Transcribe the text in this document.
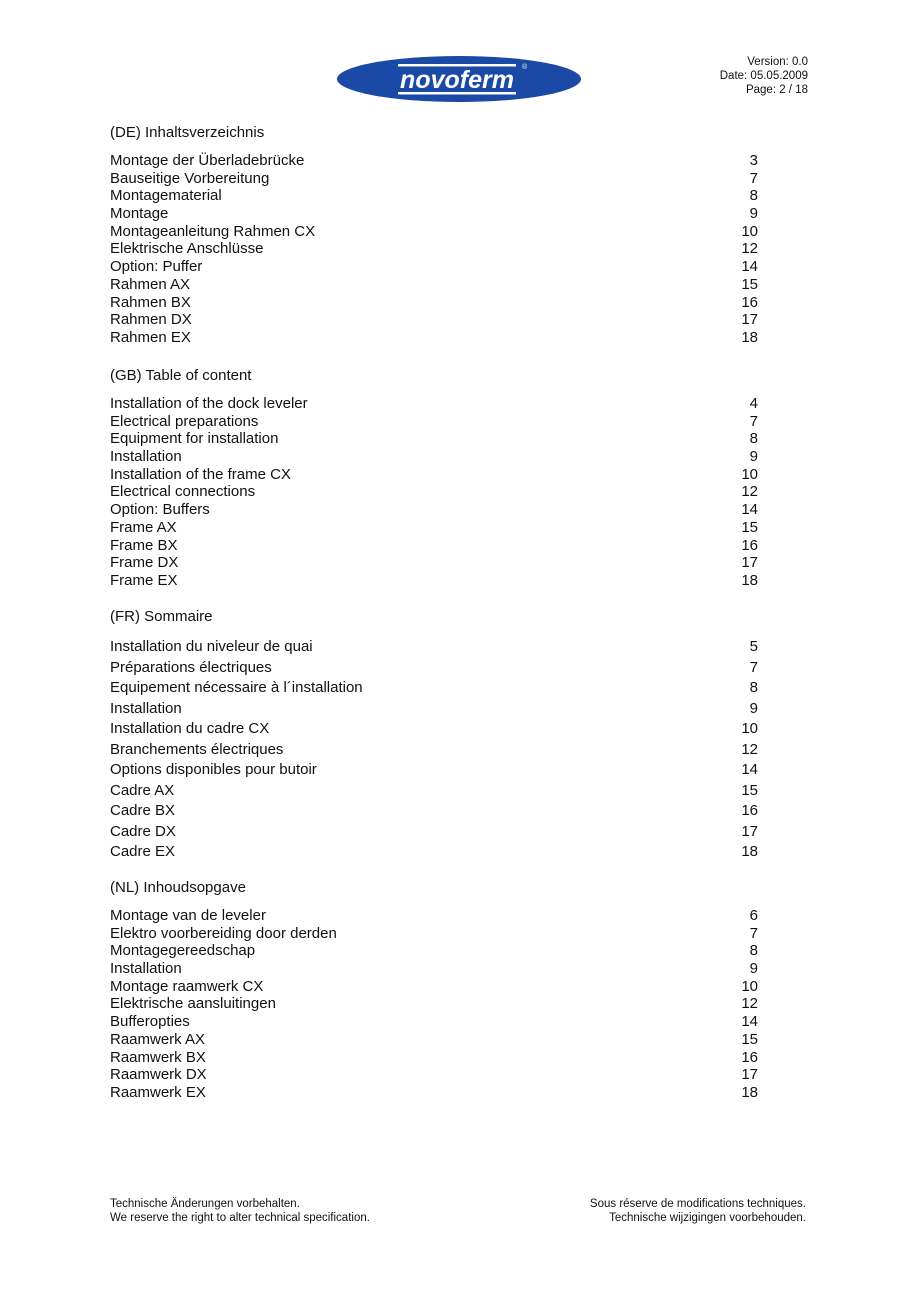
novoferm ®	Version: 0.0
Date: 05.05.2009
Page: 2 / 18
(DE) Inhaltsverzeichnis
Montage der Überladebrücke	3
Bauseitige Vorbereitung	7
Montagematerial	8
Montage	9
Montageanleitung Rahmen CX	10
Elektrische Anschlüsse	12
Option: Puffer	14
Rahmen AX	15
Rahmen BX	16
Rahmen DX	17
Rahmen EX	18
(GB) Table of content
Installation of the dock leveler	4
Electrical preparations	7
Equipment for installation	8
Installation	9
Installation of the frame CX	10
Electrical connections	12
Option: Buffers	14
Frame AX	15
Frame BX	16
Frame DX	17
Frame EX	18
(FR) Sommaire
Installation du niveleur de quai	5
Préparations électriques	7
Equipement nécessaire à l´installation	8
Installation	9
Installation du cadre CX	10
Branchements électriques	12
Options disponibles pour butoir	14
Cadre AX	15
Cadre BX	16
Cadre DX	17
Cadre EX	18
(NL) Inhoudsopgave
Montage van de leveler	6
Elektro voorbereiding door derden	7
Montagegereedschap	8
Installation	9
Montage raamwerk CX	10
Elektrische aansluitingen	12
Bufferopties	14
Raamwerk AX	15
Raamwerk BX	16
Raamwerk DX	17
Raamwerk EX	18
Technische Änderungen vorbehalten.
We reserve the right to alter technical specification.
Sous réserve de modifications techniques.
Technische wijzigingen voorbehouden.
